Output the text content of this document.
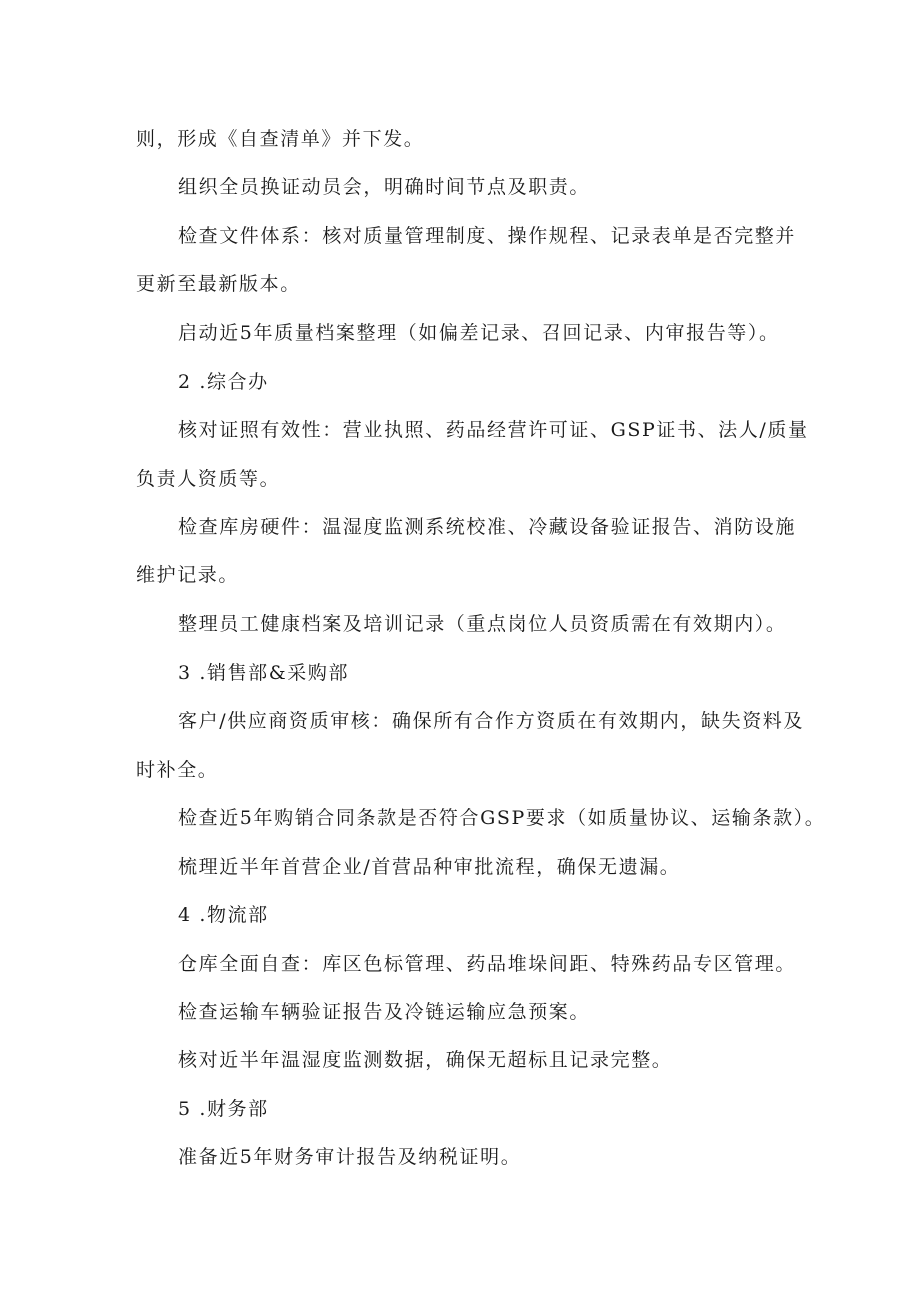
则，形成《自查清单》并下发。
组织全员换证动员会，明确时间节点及职责。
检查文件体系：核对质量管理制度、操作规程、记录表单是否完整并
更新至最新版本。
启动近5年质量档案整理（如偏差记录、召回记录、内审报告等）。
2 .综合办
核对证照有效性：营业执照、药品经营许可证、GSP证书、法人/质量
负责人资质等。
检查库房硬件：温湿度监测系统校准、冷藏设备验证报告、消防设施
维护记录。
整理员工健康档案及培训记录（重点岗位人员资质需在有效期内）。
3 .销售部&采购部
客户/供应商资质审核：确保所有合作方资质在有效期内，缺失资料及
时补全。
检查近5年购销合同条款是否符合GSP要求（如质量协议、运输条款）。
梳理近半年首营企业/首营品种审批流程，确保无遗漏。
4 .物流部
仓库全面自查：库区色标管理、药品堆垛间距、特殊药品专区管理。
检查运输车辆验证报告及冷链运输应急预案。
核对近半年温湿度监测数据，确保无超标且记录完整。
5 .财务部
准备近5年财务审计报告及纳税证明。
